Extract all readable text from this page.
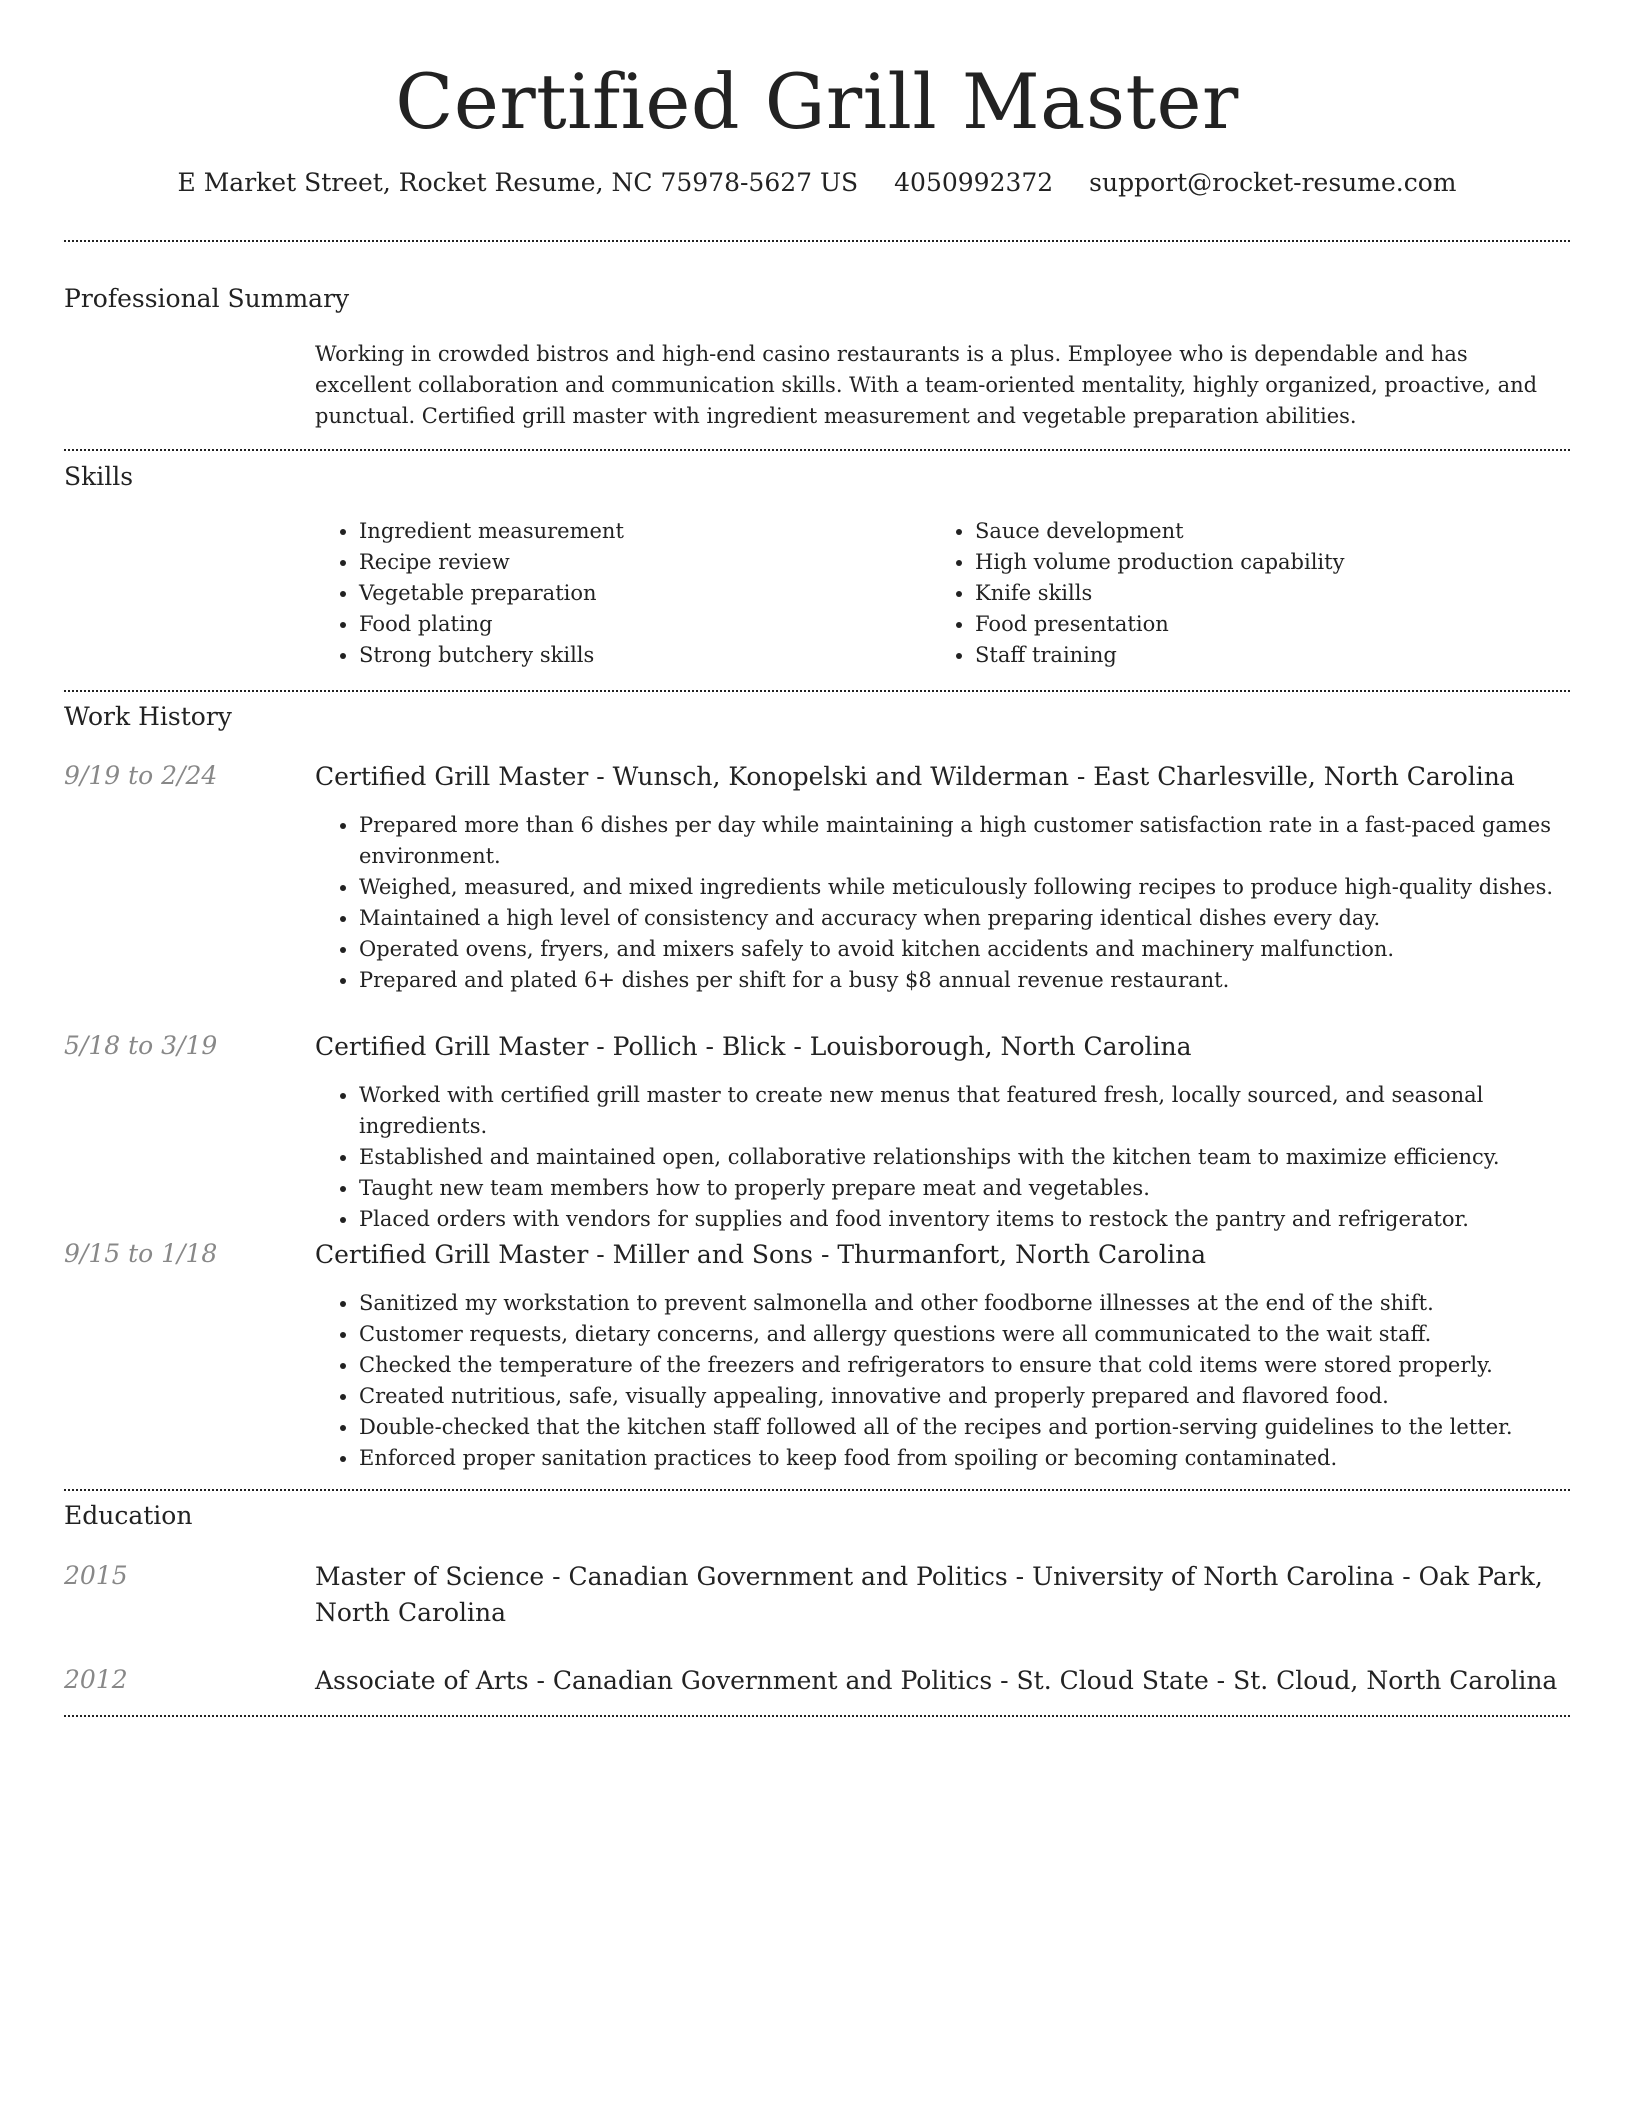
Certified Grill Master
E Market Street, Rocket Resume, NC 75978-5627 US 4050992372 support@rocket-resume.com
Professional Summary
Working in crowded bistros and high-end casino restaurants is a plus. Employee who is dependable and has excellent collaboration and communication skills. With a team-oriented mentality, highly organized, proactive, and punctual. Certified grill master with ingredient measurement and vegetable preparation abilities.
Skills
• Ingredient measurement
• Recipe review
• Vegetable preparation
• Food plating
• Strong butchery skills
• Sauce development
• High volume production capability
• Knife skills
• Food presentation
• Staff training
Work History
9/19 to 2/24	Certified Grill Master - Wunsch, Konopelski and Wilderman - East Charlesville, North Carolina
• Prepared more than 6 dishes per day while maintaining a high customer satisfaction rate in a fast-paced games environment.
• Weighed, measured, and mixed ingredients while meticulously following recipes to produce high-quality dishes.
• Maintained a high level of consistency and accuracy when preparing identical dishes every day.
• Operated ovens, fryers, and mixers safely to avoid kitchen accidents and machinery malfunction.
• Prepared and plated 6+ dishes per shift for a busy $8 annual revenue restaurant.
5/18 to 3/19	Certified Grill Master - Pollich - Blick - Louisborough, North Carolina
• Worked with certified grill master to create new menus that featured fresh, locally sourced, and seasonal ingredients.
• Established and maintained open, collaborative relationships with the kitchen team to maximize efficiency.
• Taught new team members how to properly prepare meat and vegetables.
• Placed orders with vendors for supplies and food inventory items to restock the pantry and refrigerator.
9/15 to 1/18	Certified Grill Master - Miller and Sons - Thurmanfort, North Carolina
• Sanitized my workstation to prevent salmonella and other foodborne illnesses at the end of the shift.
• Customer requests, dietary concerns, and allergy questions were all communicated to the wait staff.
• Checked the temperature of the freezers and refrigerators to ensure that cold items were stored properly.
• Created nutritious, safe, visually appealing, innovative and properly prepared and flavored food.
• Double-checked that the kitchen staff followed all of the recipes and portion-serving guidelines to the letter.
• Enforced proper sanitation practices to keep food from spoiling or becoming contaminated.
Education
2015	Master of Science - Canadian Government and Politics - University of North Carolina - Oak Park, North Carolina
2012	Associate of Arts - Canadian Government and Politics - St. Cloud State - St. Cloud, North Carolina
